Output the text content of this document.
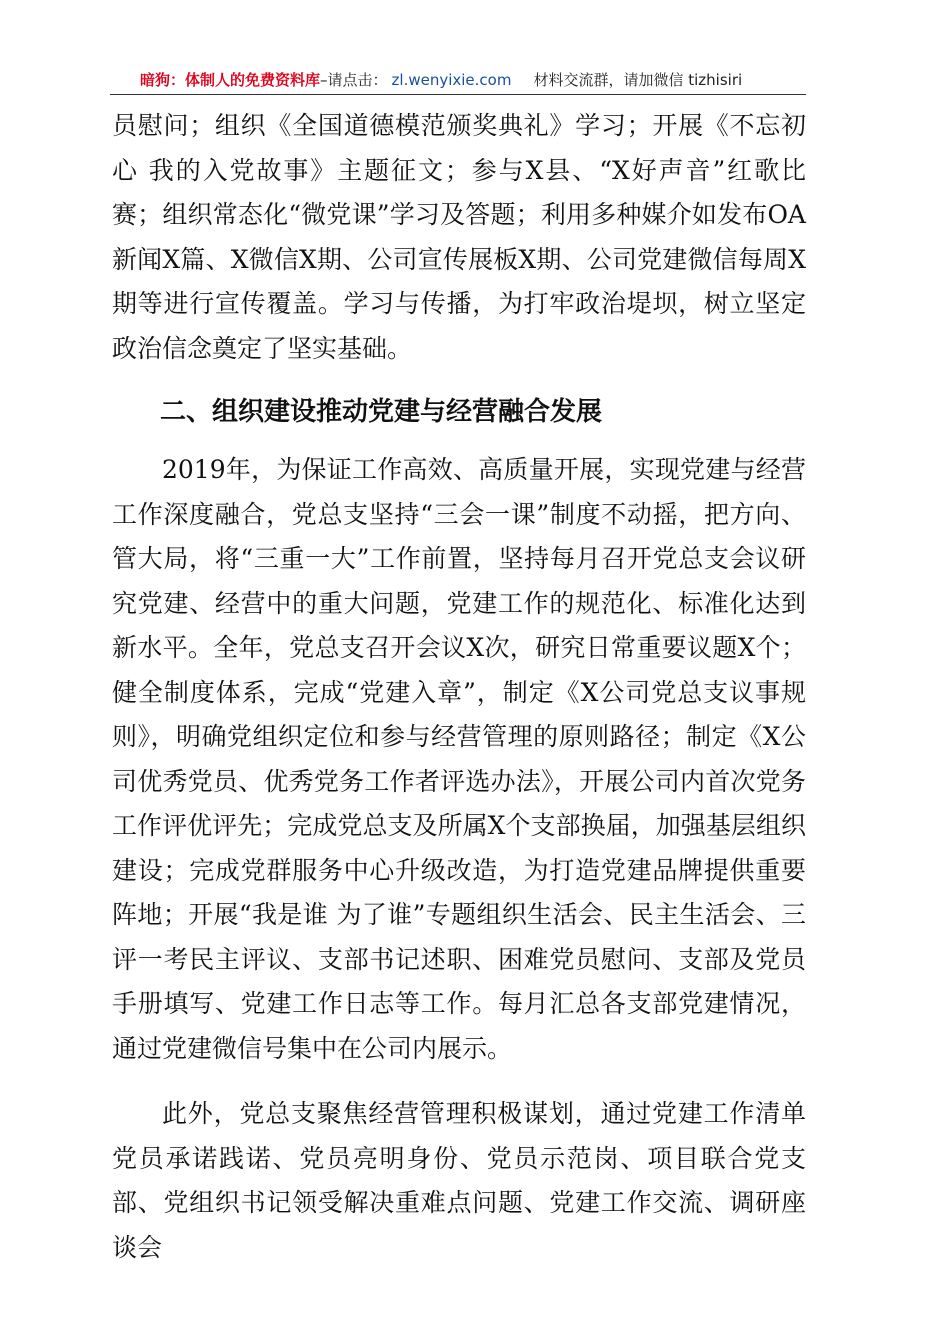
暗狗：体制人的免费资料库–请点击： zl.wenyixie.com 材料交流群，请加微信 tizhisiri

员慰问；组织《全国道德模范颁奖典礼》学习；开展《不忘初心 我的入党故事》主题征文；参与X县、“X好声音”红歌比赛；组织常态化“微党课”学习及答题；利用多种媒介如发布OA新闻X篇、X微信X期、公司宣传展板X期、公司党建微信每周X期等进行宣传覆盖。学习与传播，为打牢政治堤坝，树立坚定政治信念奠定了坚实基础。

二、组织建设推动党建与经营融合发展

2019年，为保证工作高效、高质量开展，实现党建与经营工作深度融合，党总支坚持“三会一课”制度不动摇，把方向、管大局，将“三重一大”工作前置，坚持每月召开党总支会议研究党建、经营中的重大问题，党建工作的规范化、标准化达到新水平。全年，党总支召开会议X次，研究日常重要议题X个；健全制度体系，完成“党建入章”，制定《X公司党总支议事规则》，明确党组织定位和参与经营管理的原则路径；制定《X公司优秀党员、优秀党务工作者评选办法》，开展公司内首次党务工作评优评先；完成党总支及所属X个支部换届，加强基层组织建设；完成党群服务中心升级改造，为打造党建品牌提供重要阵地；开展“我是谁 为了谁”专题组织生活会、民主生活会、三评一考民主评议、支部书记述职、困难党员慰问、支部及党员手册填写、党建工作日志等工作。每月汇总各支部党建情况，通过党建微信号集中在公司内展示。

此外，党总支聚焦经营管理积极谋划，通过党建工作清单党员承诺践诺、党员亮明身份、党员示范岗、项目联合党支部、党组织书记领受解决重难点问题、党建工作交流、调研座谈会
